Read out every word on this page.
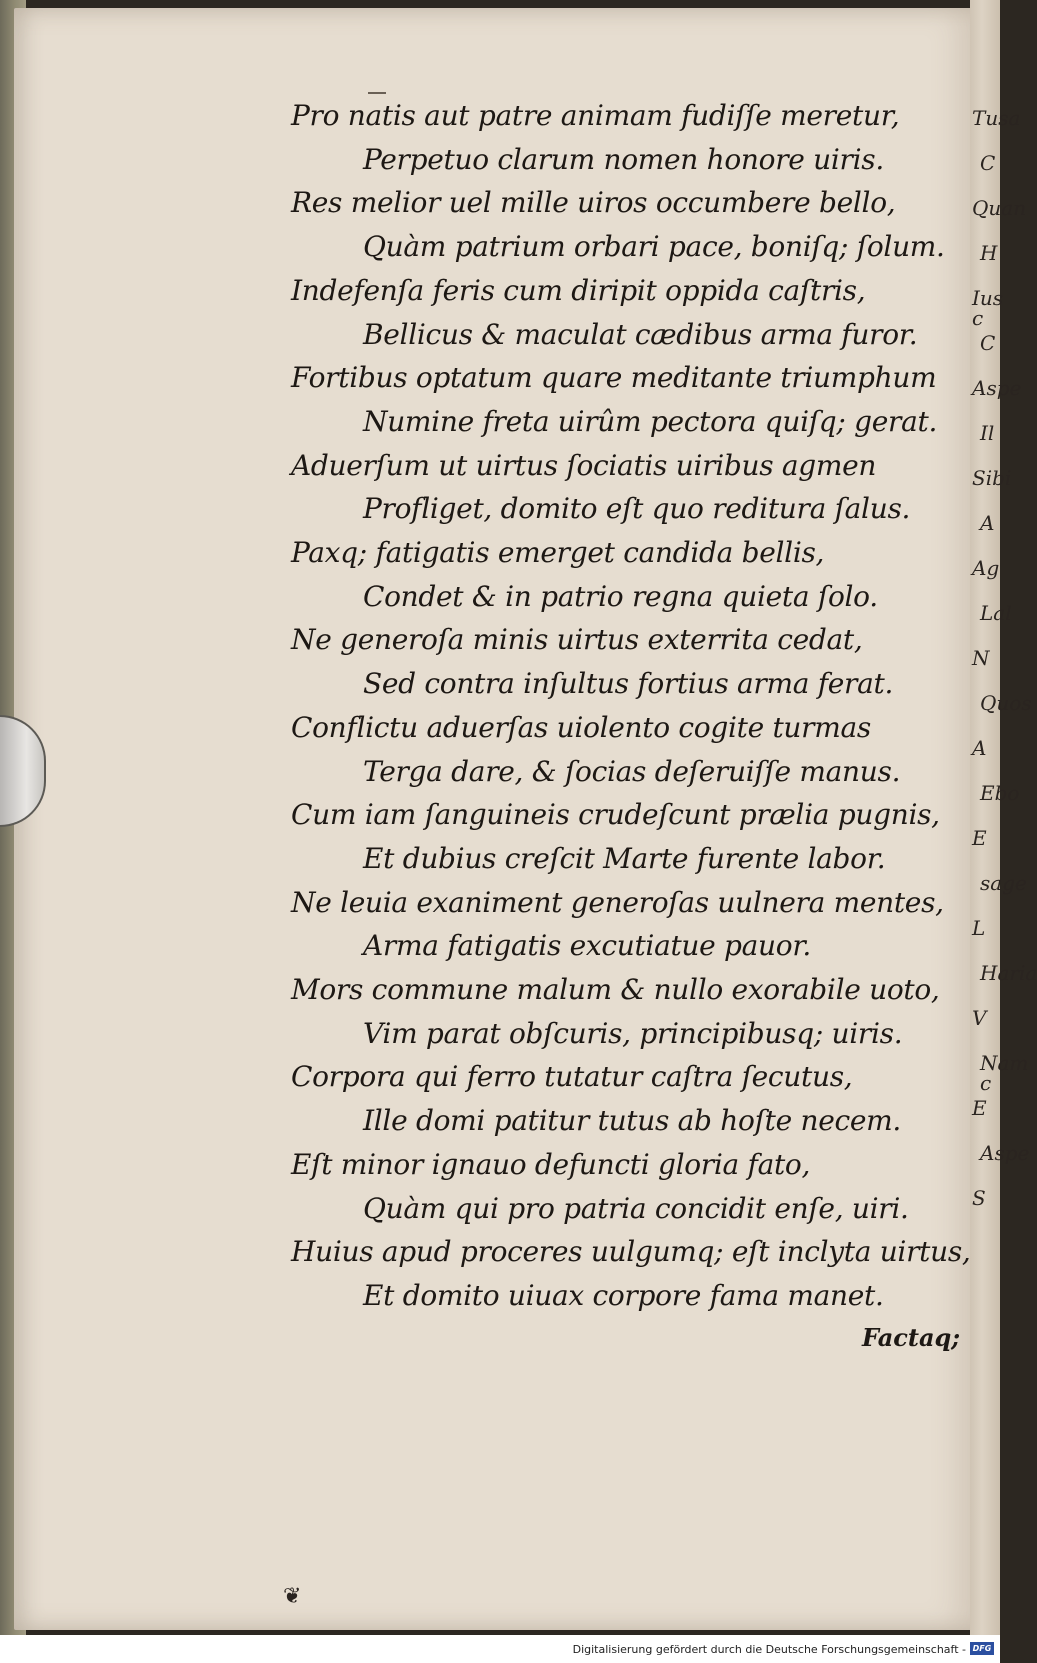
Tusa
C
Quan
H
Ius c
C
Aspe
Il
Sibi
A
Ag
Lal
N
Quos
A
Ebo
E
sage
L
Haria
V
Nam c
E
Aspe
S
Pro natis aut patre animam fudiſſe meretur,
Perpetuo clarum nomen honore uiris.
Res melior uel mille uiros occumbere bello,
Quàm patrium orbari pace, boniſq; ſolum.
Indefenſa feris cum diripit oppida caſtris,
Bellicus & maculat cædibus arma furor.
Fortibus optatum quare meditante triumphum
Numine freta uirûm pectora quiſq; gerat.
Aduerſum ut uirtus ſociatis uiribus agmen
Profliget, domito eſt quo reditura ſalus.
Paxq; fatigatis emerget candida bellis,
Condet & in patrio regna quieta ſolo.
Ne generoſa minis uirtus exterrita cedat,
Sed contra inſultus fortius arma ferat.
Conflictu aduerſas uiolento cogite turmas
Terga dare, & ſocias deſeruiſſe manus.
Cum iam ſanguineis crudeſcunt prælia pugnis,
Et dubius creſcit Marte furente labor.
Ne leuia exaniment generoſas uulnera mentes,
Arma fatigatis excutiatue pauor.
Mors commune malum & nullo exorabile uoto,
Vim parat obſcuris, principibusq; uiris.
Corpora qui ferro tutatur caſtra ſecutus,
Ille domi patitur tutus ab hoſte necem.
Eſt minor ignauo defuncti gloria fato,
Quàm qui pro patria concidit enſe, uiri.
Huius apud proceres uulgumq; eſt inclyta uirtus,
Et domito uiuax corpore fama manet.
Factaq;
❦
Digitalisierung gefördert durch die Deutsche Forschungsgemeinschaft - DFG
